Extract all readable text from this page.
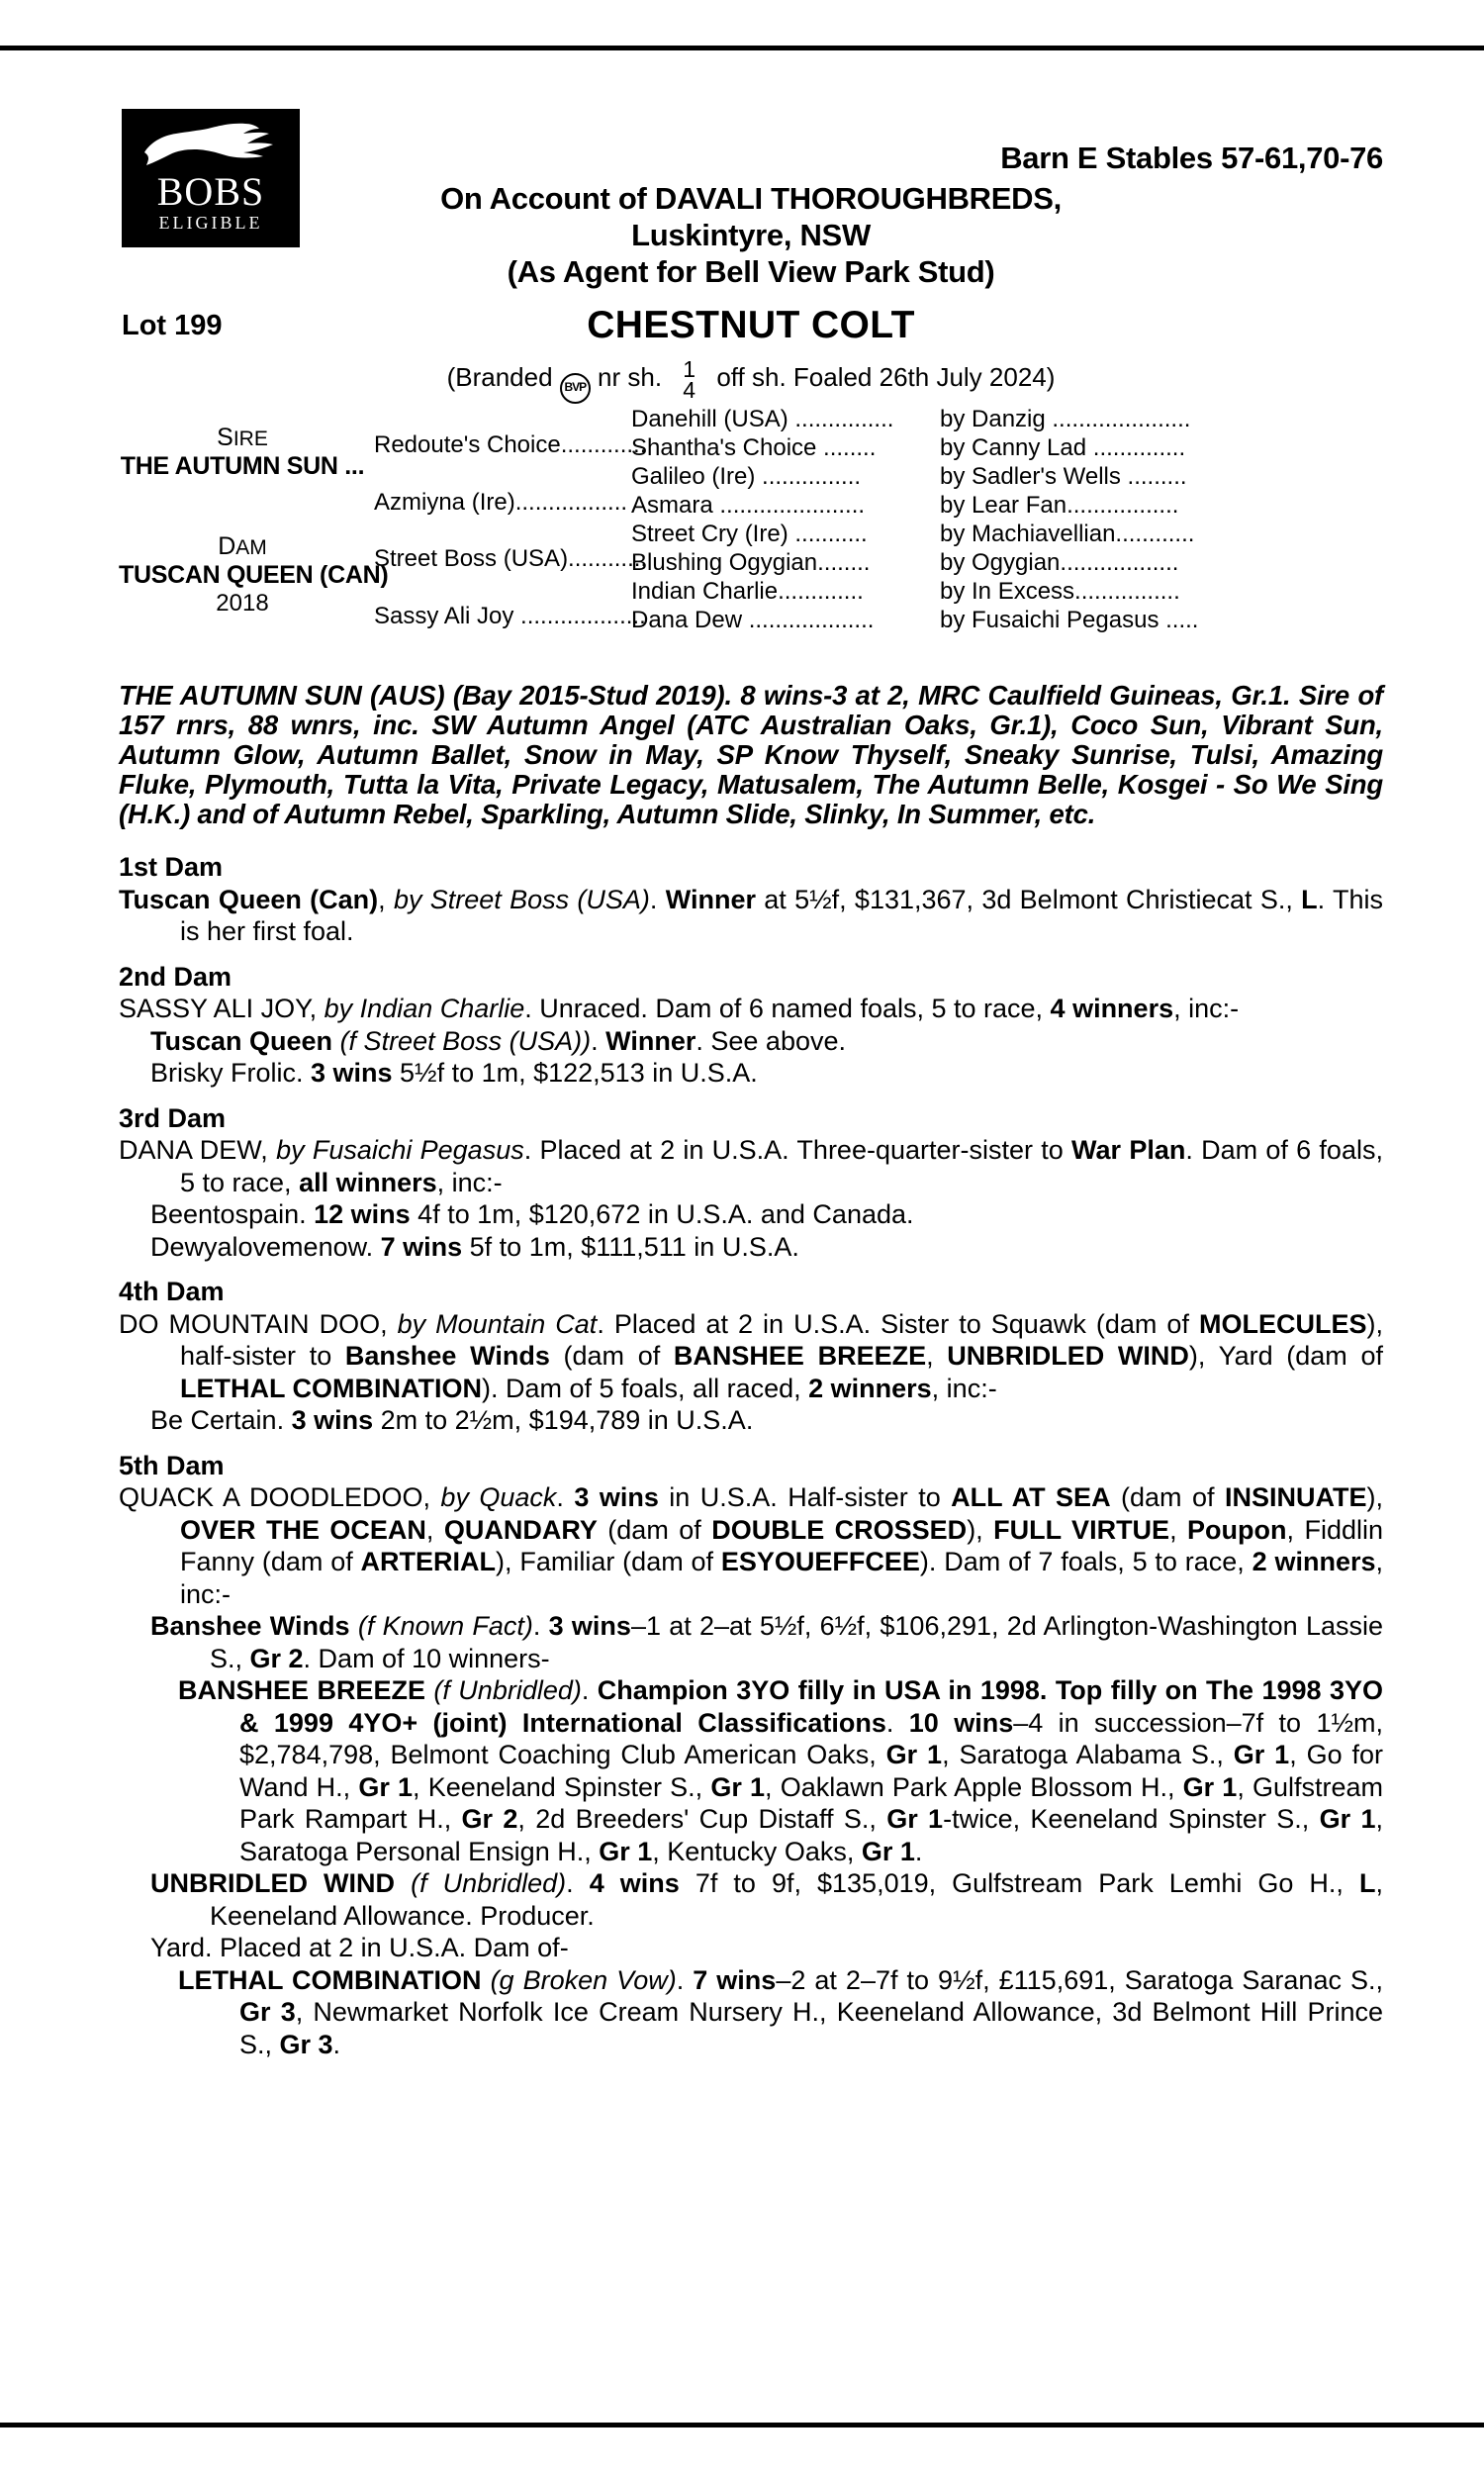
BOBS
ELIGIBLE
Barn E Stables 57-61,70-76
On Account of DAVALI THOROUGHBREDS,
Luskintyre, NSW
(As Agent for Bell View Park Stud)
Lot 199	CHESTNUT COLT
(Branded BVP nr sh. 1
4 off sh. Foaled 26th July 2024)
SIRE
THE AUTUMN SUN ...
DAM
TUSCAN QUEEN (CAN)
2018
Redoute's Choice.............
Azmiyna (Ire).................
Street Boss (USA)............
Sassy Ali Joy ...................
Danehill (USA) ...............
Shantha's Choice ........
Galileo (Ire) ...............
Asmara ......................
Street Cry (Ire) ...........
Blushing Ogygian........
Indian Charlie.............
Dana Dew ...................
by Danzig .....................
by Canny Lad ..............
by Sadler's Wells .........
by Lear Fan.................
by Machiavellian............
by Ogygian..................
by In Excess................
by Fusaichi Pegasus .....
THE AUTUMN SUN (AUS) (Bay 2015-Stud 2019). 8 wins-3 at 2, MRC Caulfield Guineas, Gr.1. Sire of 157 rnrs, 88 wnrs, inc. SW Autumn Angel (ATC Australian Oaks, Gr.1), Coco Sun, Vibrant Sun, Autumn Glow, Autumn Ballet, Snow in May, SP Know Thyself, Sneaky Sunrise, Tulsi, Amazing Fluke, Plymouth, Tutta la Vita, Private Legacy, Matusalem, The Autumn Belle, Kosgei - So We Sing (H.K.) and of Autumn Rebel, Sparkling, Autumn Slide, Slinky, In Summer, etc.
1st Dam

Tuscan Queen (Can), by Street Boss (USA). Winner at 5½f, $131,367, 3d Belmont Christiecat S., L. This is her first foal.

2nd Dam

SASSY ALI JOY, by Indian Charlie. Unraced. Dam of 6 named foals, 5 to race, 4 winners, inc:-

Tuscan Queen (f Street Boss (USA)). Winner. See above.

Brisky Frolic. 3 wins 5½f to 1m, $122,513 in U.S.A.

3rd Dam

DANA DEW, by Fusaichi Pegasus. Placed at 2 in U.S.A. Three-quarter-sister to War Plan. Dam of 6 foals, 5 to race, all winners, inc:-

Beentospain. 12 wins 4f to 1m, $120,672 in U.S.A. and Canada.

Dewyalovemenow. 7 wins 5f to 1m, $111,511 in U.S.A.

4th Dam

DO MOUNTAIN DOO, by Mountain Cat. Placed at 2 in U.S.A. Sister to Squawk (dam of MOLECULES), half-sister to Banshee Winds (dam of BANSHEE BREEZE, UNBRIDLED WIND), Yard (dam of LETHAL COMBINATION). Dam of 5 foals, all raced, 2 winners, inc:-

Be Certain. 3 wins 2m to 2½m, $194,789 in U.S.A.

5th Dam

QUACK A DOODLEDOO, by Quack. 3 wins in U.S.A. Half-sister to ALL AT SEA (dam of INSINUATE), OVER THE OCEAN, QUANDARY (dam of DOUBLE CROSSED), FULL VIRTUE, Poupon, Fiddlin Fanny (dam of ARTERIAL), Familiar (dam of ESYOUEFFCEE). Dam of 7 foals, 5 to race, 2 winners, inc:-

Banshee Winds (f Known Fact). 3 wins–1 at 2–at 5½f, 6½f, $106,291, 2d Arlington-Washington Lassie S., Gr 2. Dam of 10 winners-

BANSHEE BREEZE (f Unbridled). Champion 3YO filly in USA in 1998. Top filly on The 1998 3YO & 1999 4YO+ (joint) International Classifications. 10 wins–4 in succession–7f to 1½m, $2,784,798, Belmont Coaching Club American Oaks, Gr 1, Saratoga Alabama S., Gr 1, Go for Wand H., Gr 1, Keeneland Spinster S., Gr 1, Oaklawn Park Apple Blossom H., Gr 1, Gulfstream Park Rampart H., Gr 2, 2d Breeders' Cup Distaff S., Gr 1-twice, Keeneland Spinster S., Gr 1, Saratoga Personal Ensign H., Gr 1, Kentucky Oaks, Gr 1.

UNBRIDLED WIND (f Unbridled). 4 wins 7f to 9f, $135,019, Gulfstream Park Lemhi Go H., L, Keeneland Allowance. Producer.

Yard. Placed at 2 in U.S.A. Dam of-

LETHAL COMBINATION (g Broken Vow). 7 wins–2 at 2–7f to 9½f, £115,691, Saratoga Saranac S., Gr 3, Newmarket Norfolk Ice Cream Nursery H., Keeneland Allowance, 3d Belmont Hill Prince S., Gr 3.
